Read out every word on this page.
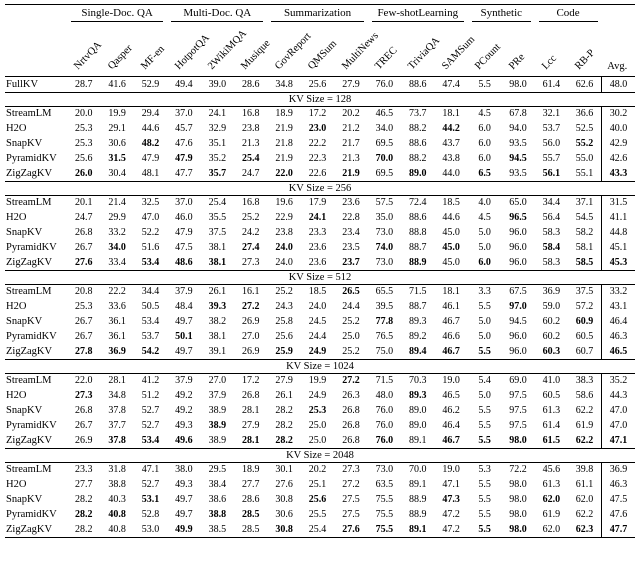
	Single-Doc. QA			Multi-Doc. QA			Summarization			Few-shotLearning			Synthetic		Code		

	NrtvQA	Qasper	MF-en	HotpotQA	2WikiMQA	Musique	GovReport	QMSum	MultiNews	TREC	TriviaQA	SAMSum	PCount	PRe	Lcc	RB-P	Avg.

FullKV	28.7	41.6	52.9	49.4	39.0	28.6	34.8	25.6	27.9	76.0	88.6	47.4	5.5	98.0	61.4	62.6	48.0
KV Size = 128																	
StreamLM	20.0	19.9	29.4	37.0	24.1	16.8	18.9	17.2	20.2	46.5	73.7	18.1	4.5	67.8	32.1	36.6	30.2
H2O	25.3	29.1	44.6	45.7	32.9	23.8	21.9	23.0	21.2	34.0	88.2	44.2	6.0	94.0	53.7	52.5	40.0
SnapKV	25.3	30.6	48.2	47.6	35.1	21.3	21.8	22.2	21.7	69.5	88.6	43.7	6.0	93.5	56.0	55.2	42.9
PyramidKV	25.6	31.5	47.9	47.9	35.2	25.4	21.9	22.3	21.3	70.0	88.2	43.8	6.0	94.5	55.7	55.0	42.6
ZigZagKV	26.0	30.4	48.1	47.7	35.7	24.7	22.0	22.6	21.9	69.5	89.0	44.0	6.5	93.5	56.1	55.1	43.3
KV Size = 256																	
StreamLM	20.1	21.4	32.5	37.0	25.4	16.8	19.6	17.9	23.6	57.5	72.4	18.5	4.0	65.0	34.4	37.1	31.5
H2O	24.7	29.9	47.0	46.0	35.5	25.2	22.9	24.1	22.8	35.0	88.6	44.6	4.5	96.5	56.4	54.5	41.1
SnapKV	26.8	33.2	52.2	47.9	37.5	24.2	23.8	23.3	23.4	73.0	88.8	45.0	5.0	96.0	58.3	58.2	44.8
PyramidKV	26.7	34.0	51.6	47.5	38.1	27.4	24.0	23.6	23.5	74.0	88.7	45.0	5.0	96.0	58.4	58.1	45.1
ZigZagKV	27.6	33.4	53.4	48.6	38.1	27.3	24.0	23.6	23.7	73.0	88.9	45.0	6.0	96.0	58.3	58.5	45.3
KV Size = 512																	
StreamLM	20.8	22.2	34.4	37.9	26.1	16.1	25.2	18.5	26.5	65.5	71.5	18.1	3.3	67.5	36.9	37.5	33.2
H2O	25.3	33.6	50.5	48.4	39.3	27.2	24.3	24.0	24.4	39.5	88.7	46.1	5.5	97.0	59.0	57.2	43.1
SnapKV	26.7	36.1	53.4	49.7	38.2	26.9	25.8	24.5	25.2	77.8	89.3	46.7	5.0	94.5	60.2	60.9	46.4
PyramidKV	26.7	36.1	53.7	50.1	38.1	27.0	25.6	24.4	25.0	76.5	89.2	46.6	5.0	96.0	60.2	60.5	46.3
ZigZagKV	27.8	36.9	54.2	49.7	39.1	26.9	25.9	24.9	25.2	75.0	89.4	46.7	5.5	96.0	60.3	60.7	46.5
KV Size = 1024																	
StreamLM	22.0	28.1	41.2	37.9	27.0	17.2	27.9	19.9	27.2	71.5	70.3	19.0	5.4	69.0	41.0	38.3	35.2
H2O	27.3	34.8	51.2	49.2	37.9	26.8	26.1	24.9	26.3	48.0	89.3	46.5	5.0	97.5	60.5	58.6	44.3
SnapKV	26.8	37.8	52.7	49.2	38.9	28.1	28.2	25.3	26.8	76.0	89.0	46.2	5.5	97.5	61.3	62.2	47.0
PyramidKV	26.7	37.7	52.7	49.3	38.9	27.9	28.2	25.0	26.8	76.0	89.0	46.4	5.5	97.5	61.4	61.9	47.0
ZigZagKV	26.9	37.8	53.4	49.6	38.9	28.1	28.2	25.0	26.8	76.0	89.1	46.7	5.5	98.0	61.5	62.2	47.1
KV Size = 2048																	
StreamLM	23.3	31.8	47.1	38.0	29.5	18.9	30.1	20.2	27.3	73.0	70.0	19.0	5.3	72.2	45.6	39.8	36.9
H2O	27.7	38.8	52.7	49.3	38.4	27.7	27.6	25.1	27.2	63.5	89.1	47.1	5.5	98.0	61.3	61.1	46.3
SnapKV	28.2	40.3	53.1	49.7	38.6	28.6	30.8	25.6	27.5	75.5	88.9	47.3	5.5	98.0	62.0	62.0	47.5
PyramidKV	28.2	40.8	52.8	49.7	38.8	28.5	30.6	25.5	27.5	75.5	88.9	47.2	5.5	98.0	61.9	62.2	47.6
ZigZagKV	28.2	40.8	53.0	49.9	38.5	28.5	30.8	25.4	27.6	75.5	89.1	47.2	5.5	98.0	62.0	62.3	47.7
